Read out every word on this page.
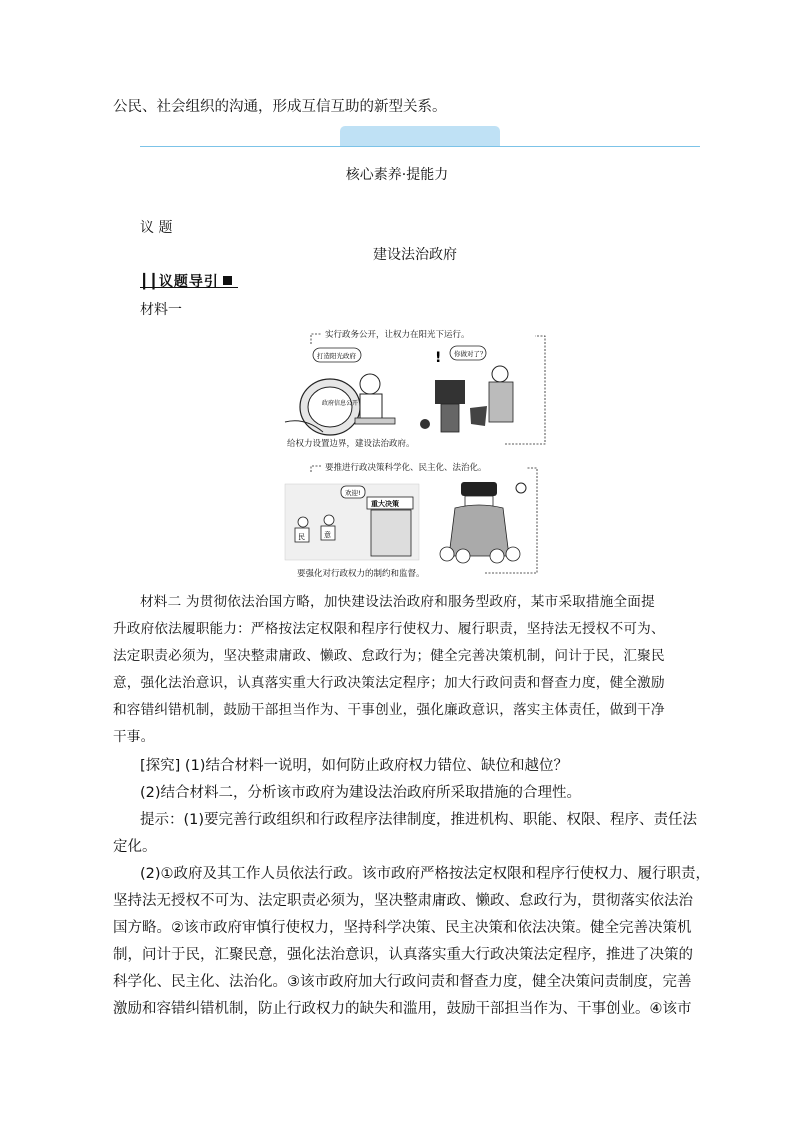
公民、社会组织的沟通，形成互信互助的新型关系。
核心素养·提能力
议 题
建设法治政府
┃┃议题导引
材料一
实行政务公开，让权力在阳光下运行。
政府信息公开
打造阳光政府	你做对了？
!
给权力设置边界，建设法治政府。
要推进行政决策科学化、民主化、法治化。
重大决策
欢迎!
民	意
要强化对行政权力的制约和监督。
材料二 为贯彻依法治国方略，加快建设法治政府和服务型政府，某市采取措施全面提
升政府依法履职能力：严格按法定权限和程序行使权力、履行职责，坚持法无授权不可为、
法定职责必须为，坚决整肃庸政、懒政、怠政行为；健全完善决策机制，问计于民，汇聚民
意，强化法治意识，认真落实重大行政决策法定程序；加大行政问责和督查力度，健全激励
和容错纠错机制，鼓励干部担当作为、干事创业，强化廉政意识，落实主体责任，做到干净
干事。
[探究] (1)结合材料一说明，如何防止政府权力错位、缺位和越位？
(2)结合材料二，分析该市政府为建设法治政府所采取措施的合理性。
提示：(1)要完善行政组织和行政程序法律制度，推进机构、职能、权限、程序、责任法
定化。
(2)①政府及其工作人员依法行政。该市政府严格按法定权限和程序行使权力、履行职责，
坚持法无授权不可为、法定职责必须为，坚决整肃庸政、懒政、怠政行为，贯彻落实依法治
国方略。②该市政府审慎行使权力，坚持科学决策、民主决策和依法决策。健全完善决策机
制，问计于民，汇聚民意，强化法治意识，认真落实重大行政决策法定程序，推进了决策的
科学化、民主化、法治化。③该市政府加大行政问责和督查力度，健全决策问责制度，完善
激励和容错纠错机制，防止行政权力的缺失和滥用，鼓励干部担当作为、干事创业。④该市
